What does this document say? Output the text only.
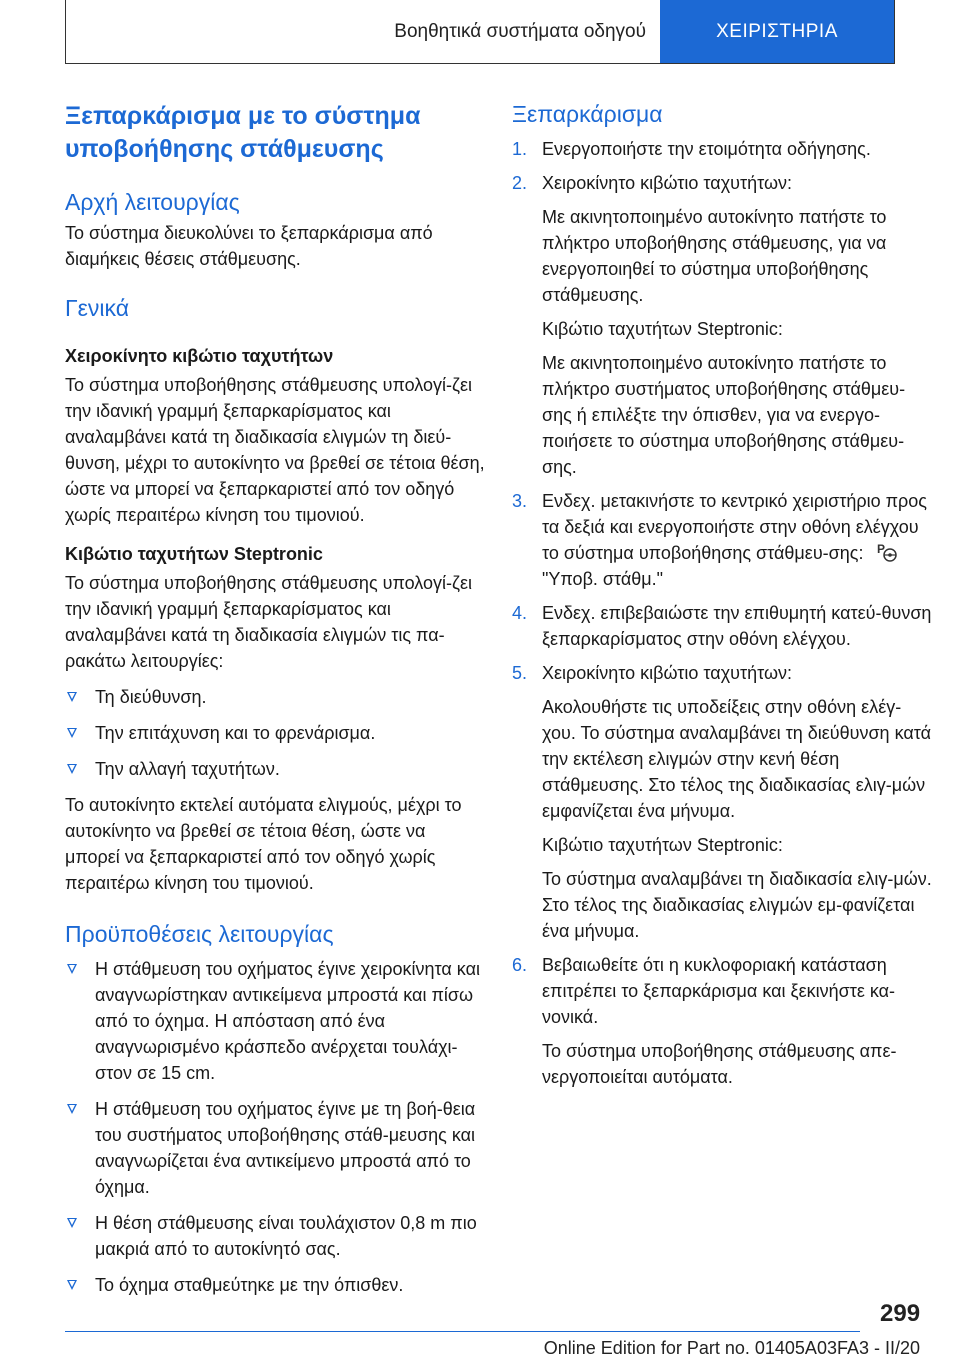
Βοηθητικά συστήματα οδηγού	ΧΕΙΡΙΣΤΗΡΙΑ
Ξεπαρκάρισμα με το σύστημα υποβοήθησης στάθμευσης
Αρχή λειτουργίας

Το σύστημα διευκολύνει το ξεπαρκάρισμα από διαμήκεις θέσεις στάθμευσης.

Γενικά
Χειροκίνητο κιβώτιο ταχυτήτων

Το σύστημα υποβοήθησης στάθμευσης υπολογί-ζει την ιδανική γραμμή ξεπαρκαρίσματος και αναλαμβάνει κατά τη διαδικασία ελιγμών τη διεύ-θυνση, μέχρι το αυτοκίνητο να βρεθεί σε τέτοια θέση, ώστε να μπορεί να ξεπαρκαριστεί από τον οδηγό χωρίς περαιτέρω κίνηση του τιμονιού.

Κιβώτιο ταχυτήτων Steptronic

Το σύστημα υποβοήθησης στάθμευσης υπολογί-ζει την ιδανική γραμμή ξεπαρκαρίσματος και αναλαμβάνει κατά τη διαδικασία ελιγμών τις πα-ρακάτω λειτουργίες:

Τη διεύθυνση.
Την επιτάχυνση και το φρενάρισμα.
Την αλλαγή ταχυτήτων.

Το αυτοκίνητο εκτελεί αυτόματα ελιγμούς, μέχρι το αυτοκίνητο να βρεθεί σε τέτοια θέση, ώστε να μπορεί να ξεπαρκαριστεί από τον οδηγό χωρίς περαιτέρω κίνηση του τιμονιού.

Προϋποθέσεις λειτουργίας
Η στάθμευση του οχήματος έγινε χειροκίνητα και αναγνωρίστηκαν αντικείμενα μπροστά και πίσω από το όχημα. Η απόσταση από ένα αναγνωρισμένο κράσπεδο ανέρχεται τουλάχι-στον σε 15 cm.
Η στάθμευση του οχήματος έγινε με τη βοή-θεια του συστήματος υποβοήθησης στάθ-μευσης και αναγνωρίζεται ένα αντικείμενο μπροστά από το όχημα.
Η θέση στάθμευσης είναι τουλάχιστον 0,8 m πιο μακριά από το αυτοκίνητό σας.
Το όχημα σταθμεύτηκε με την όπισθεν.
Ξεπαρκάρισμα
1. Ενεργοποιήστε την ετοιμότητα οδήγησης.
2. Χειροκίνητο κιβώτιο ταχυτήτων:
Με ακινητοποιημένο αυτοκίνητο πατήστε το πλήκτρο υποβοήθησης στάθμευσης, για να ενεργοποιηθεί το σύστημα υποβοήθησης στάθμευσης.
Κιβώτιο ταχυτήτων Steptronic:
Με ακινητοποιημένο αυτοκίνητο πατήστε το πλήκτρο συστήματος υποβοήθησης στάθμευ-σης ή επιλέξτε την όπισθεν, για να ενεργο-ποιήσετε το σύστημα υποβοήθησης στάθμευ-σης.
3. Ενδεχ. μετακινήστε το κεντρικό χειριστήριο προς τα δεξιά και ενεργοποιήστε στην οθόνη ελέγχου το σύστημα υποβοήθησης στάθμευ-σης: P
"Υποβ. στάθμ."
4. Ενδεχ. επιβεβαιώστε την επιθυμητή κατεύ-θυνση ξεπαρκαρίσματος στην οθόνη ελέγχου.
5. Χειροκίνητο κιβώτιο ταχυτήτων:
Ακολουθήστε τις υποδείξεις στην οθόνη ελέγ-χου. Το σύστημα αναλαμβάνει τη διεύθυνση κατά την εκτέλεση ελιγμών στην κενή θέση στάθμευσης. Στο τέλος της διαδικασίας ελιγ-μών εμφανίζεται ένα μήνυμα.
Κιβώτιο ταχυτήτων Steptronic:
Το σύστημα αναλαμβάνει τη διαδικασία ελιγ-μών. Στο τέλος της διαδικασίας ελιγμών εμ-φανίζεται ένα μήνυμα.
6. Βεβαιωθείτε ότι η κυκλοφοριακή κατάσταση επιτρέπει το ξεπαρκάρισμα και ξεκινήστε κα-νονικά.
Το σύστημα υποβοήθησης στάθμευσης απε-νεργοποιείται αυτόματα.
299
Online Edition for Part no. 01405A03FA3 - II/20
